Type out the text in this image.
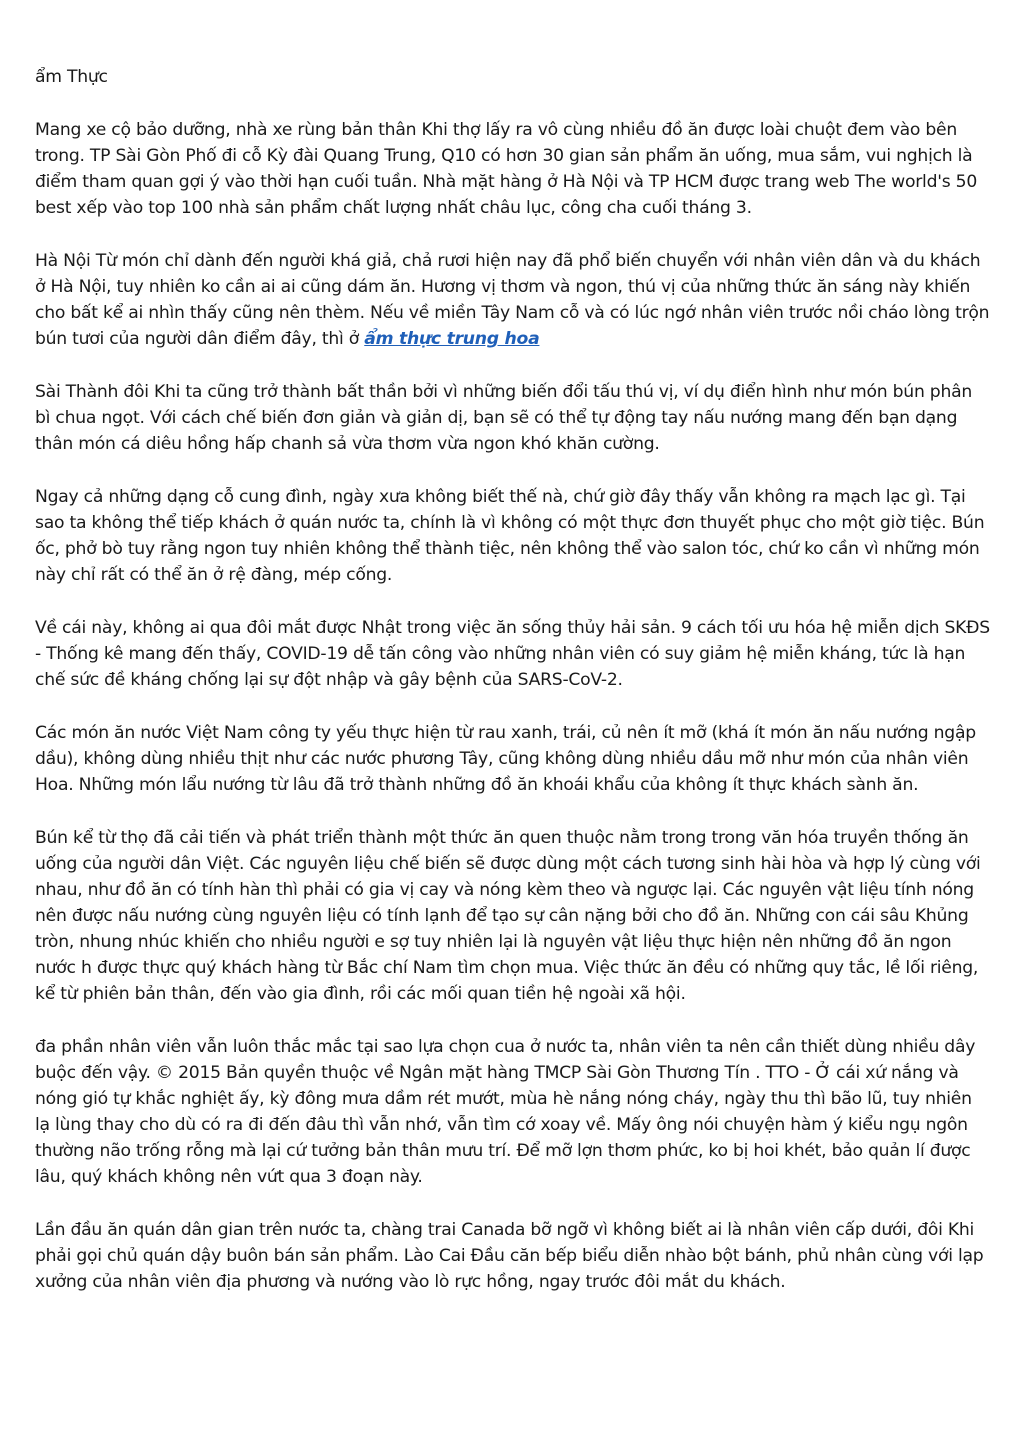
ẩm Thực

Mang xe cộ bảo dưỡng, nhà xe rùng bản thân Khi thợ lấy ra vô cùng nhiều đồ ăn được loài chuột đem vào bên trong. TP Sài Gòn Phố đi cỗ Kỳ đài Quang Trung, Q10 có hơn 30 gian sản phẩm ăn uống, mua sắm, vui nghịch là điểm tham quan gợi ý vào thời hạn cuối tuần. Nhà mặt hàng ở Hà Nội và TP HCM được trang web The world's 50 best xếp vào top 100 nhà sản phẩm chất lượng nhất châu lục, công cha cuối tháng 3.

Hà Nội Từ món chỉ dành đến người khá giả, chả rươi hiện nay đã phổ biến chuyển với nhân viên dân và du khách ở Hà Nội, tuy nhiên ko cần ai ai cũng dám ăn. Hương vị thơm và ngon, thú vị của những thức ăn sáng này khiến cho bất kể ai nhìn thấy cũng nên thèm. Nếu về miền Tây Nam cỗ và có lúc ngớ nhân viên trước nồi cháo lòng trộn bún tươi của người dân điểm đây, thì ở ẩm thực trung hoa

Sài Thành đôi Khi ta cũng trở thành bất thần bởi vì những biến đổi tấu thú vị, ví dụ điển hình như món bún phân bì chua ngọt. Với cách chế biến đơn giản và giản dị, bạn sẽ có thể tự động tay nấu nướng mang đến bạn dạng thân món cá diêu hồng hấp chanh sả vừa thơm vừa ngon khó khăn cường.

Ngay cả những dạng cỗ cung đình, ngày xưa không biết thế nà, chứ giờ đây thấy vẫn không ra mạch lạc gì. Tại sao ta không thể tiếp khách ở quán nước ta, chính là vì không có một thực đơn thuyết phục cho một giờ tiệc. Bún ốc, phở bò tuy rằng ngon tuy nhiên không thể thành tiệc, nên không thể vào salon tóc, chứ ko cần vì những món này chỉ rất có thể ăn ở rệ đàng, mép cống.

Về cái này, không ai qua đôi mắt được Nhật trong việc ăn sống thủy hải sản. 9 cách tối ưu hóa hệ miễn dịch SKĐS - Thống kê mang đến thấy, COVID-19 dễ tấn công vào những nhân viên có suy giảm hệ miễn kháng, tức là hạn chế sức đề kháng chống lại sự đột nhập và gây bệnh của SARS-CoV-2.

Các món ăn nước Việt Nam công ty yếu thực hiện từ rau xanh, trái, củ nên ít mỡ (khá ít món ăn nấu nướng ngập dầu), không dùng nhiều thịt như các nước phương Tây, cũng không dùng nhiều dầu mỡ như món của nhân viên Hoa. Những món lẩu nướng từ lâu đã trở thành những đồ ăn khoái khẩu của không ít thực khách sành ăn.

Bún kể từ thọ đã cải tiến và phát triển thành một thức ăn quen thuộc nằm trong trong văn hóa truyền thống ăn uống của người dân Việt. Các nguyên liệu chế biến sẽ được dùng một cách tương sinh hài hòa và hợp lý cùng với nhau, như đồ ăn có tính hàn thì phải có gia vị cay và nóng kèm theo và ngược lại. Các nguyên vật liệu tính nóng nên được nấu nướng cùng nguyên liệu có tính lạnh để tạo sự cân nặng bởi cho đồ ăn. Những con cái sâu Khủng tròn, nhung nhúc khiến cho nhiều người e sợ tuy nhiên lại là nguyên vật liệu thực hiện nên những đồ ăn ngon nước h được thực quý khách hàng từ Bắc chí Nam tìm chọn mua. Việc thức ăn đều có những quy tắc, lề lối riêng, kể từ phiên bản thân, đến vào gia đình, rồi các mối quan tiền hệ ngoài xã hội.

đa phần nhân viên vẫn luôn thắc mắc tại sao lựa chọn cua ở nước ta, nhân viên ta nên cần thiết dùng nhiều dây buộc đến vậy. © 2015 Bản quyền thuộc về Ngân mặt hàng TMCP Sài Gòn Thương Tín . TTO - Ở cái xứ nắng và nóng gió tự khắc nghiệt ấy, kỳ đông mưa dầm rét mướt, mùa hè nắng nóng cháy, ngày thu thì bão lũ, tuy nhiên lạ lùng thay cho dù có ra đi đến đâu thì vẫn nhớ, vẫn tìm cớ xoay về. Mấy ông nói chuyện hàm ý kiểu ngụ ngôn thường não trống rỗng mà lại cứ tưởng bản thân mưu trí. Để mỡ lợn thơm phức, ko bị hoi khét, bảo quản lí được lâu, quý khách không nên vứt qua 3 đoạn này.

Lần đầu ăn quán dân gian trên nước ta, chàng trai Canada bỡ ngỡ vì không biết ai là nhân viên cấp dưới, đôi Khi phải gọi chủ quán dậy buôn bán sản phẩm. Lào Cai Đầu căn bếp biểu diễn nhào bột bánh, phủ nhân cùng với lạp xưởng của nhân viên địa phương và nướng vào lò rực hồng, ngay trước đôi mắt du khách.
